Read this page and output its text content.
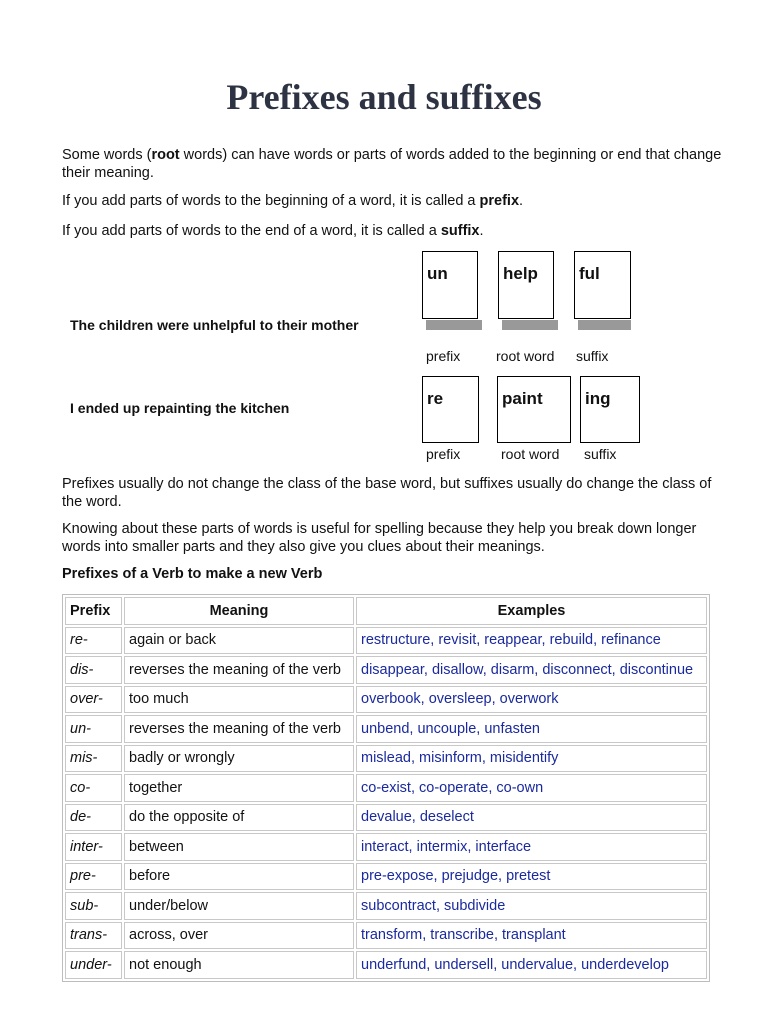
Prefixes and suffixes

Some words (root words) can have words or parts of words added to the beginning or end that change their meaning.

If you add parts of words to the beginning of a word, it is called a prefix.

If you add parts of words to the end of a word, it is called a suffix.

The children were unhelpful to their mother

un	help	ful

prefix	root word suffix

I ended up repainting the kitchen	re	paint	ing

prefix	root word suffix

Prefixes usually do not change the class of the base word, but suffixes usually do change the class of the word.

Knowing about these parts of words is useful for spelling because they help you break down longer words into smaller parts and they also give you clues about their meanings.

Prefixes of a Verb to make a new Verb

Prefix	Meaning	Examples
re-	again or back	restructure, revisit, reappear, rebuild, refinance
dis-	reverses the meaning of the verb	disappear, disallow, disarm, disconnect, discontinue
over-	too much	overbook, oversleep, overwork
un-	reverses the meaning of the verb	unbend, uncouple, unfasten
mis-	badly or wrongly	mislead, misinform, misidentify
co-	together	co-exist, co-operate, co-own
de-	do the opposite of	devalue, deselect
inter-	between	interact, intermix, interface
pre-	before	pre-expose, prejudge, pretest
sub-	under/below	subcontract, subdivide
trans-	across, over	transform, transcribe, transplant
under-	not enough	underfund, undersell, undervalue, underdevelop
